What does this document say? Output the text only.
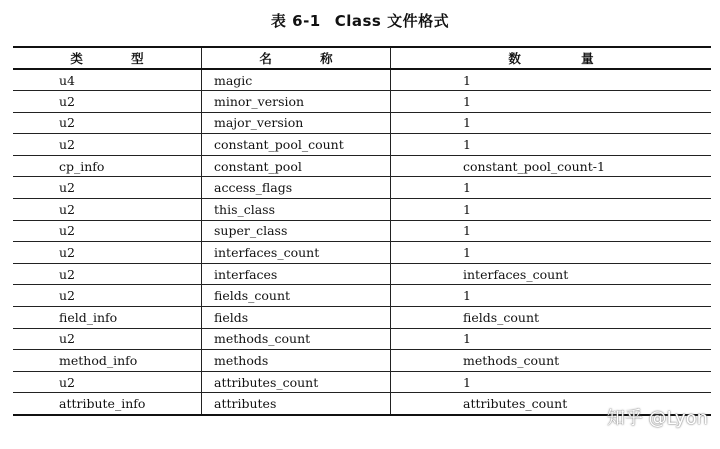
表 6-1 Class 文件格式
类 型	名 称	数 量
u4	magic	1
u2	minor_version	1
u2	major_version	1
u2	constant_pool_count	1
cp_info	constant_pool	constant_pool_count-1
u2	access_flags	1
u2	this_class	1
u2	super_class	1
u2	interfaces_count	1
u2	interfaces	interfaces_count
u2	fields_count	1
field_info	fields	fields_count
u2	methods_count	1
method_info	methods	methods_count
u2	attributes_count	1
attribute_info	attributes	attributes_count
知乎 @Lyon
